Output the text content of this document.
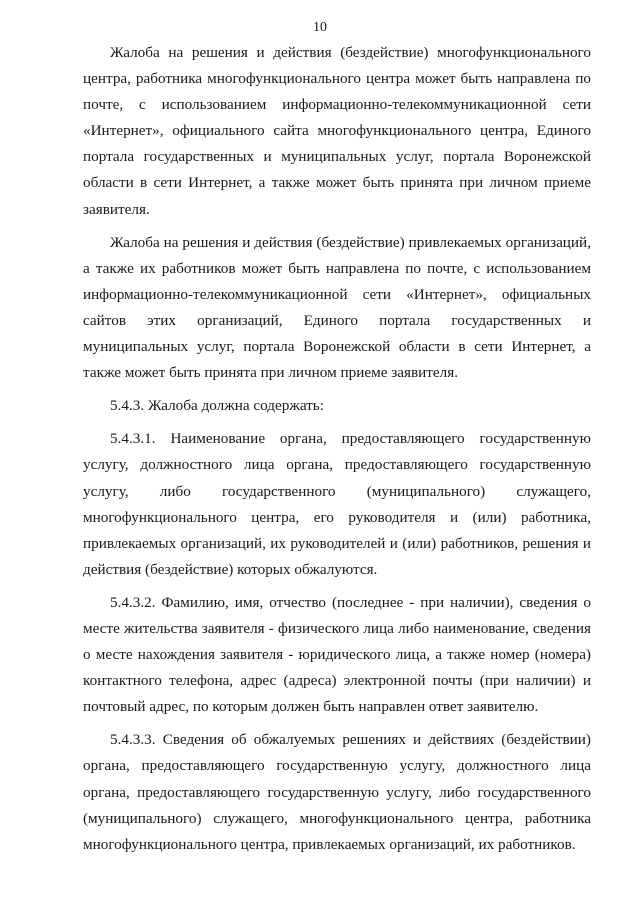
10

Жалоба на решения и действия (бездействие) многофункционального центра, работника многофункционального центра может быть направлена по почте, с использованием информационно-телекоммуникационной сети «Интернет», официального сайта многофункционального центра, Единого портала государственных и муниципальных услуг, портала Воронежской области в сети Интернет, а также может быть принята при личном приеме заявителя.

Жалоба на решения и действия (бездействие) привлекаемых организаций, а также их работников может быть направлена по почте, с использованием информационно-телекоммуникационной сети «Интернет», официальных сайтов этих организаций, Единого портала государственных и муниципальных услуг, портала Воронежской области в сети Интернет, а также может быть принята при личном приеме заявителя.

5.4.3. Жалоба должна содержать:

5.4.3.1. Наименование органа, предоставляющего государственную услугу, должностного лица органа, предоставляющего государственную услугу, либо государственного (муниципального) служащего, многофункционального центра, его руководителя и (или) работника, привлекаемых организаций, их руководителей и (или) работников, решения и действия (бездействие) которых обжалуются.

5.4.3.2. Фамилию, имя, отчество (последнее - при наличии), сведения о месте жительства заявителя - физического лица либо наименование, сведения о месте нахождения заявителя - юридического лица, а также номер (номера) контактного телефона, адрес (адреса) электронной почты (при наличии) и почтовый адрес, по которым должен быть направлен ответ заявителю.

5.4.3.3. Сведения об обжалуемых решениях и действиях (бездействии) органа, предоставляющего государственную услугу, должностного лица органа, предоставляющего государственную услугу, либо государственного (муниципального) служащего, многофункционального центра, работника многофункционального центра, привлекаемых организаций, их работников.
